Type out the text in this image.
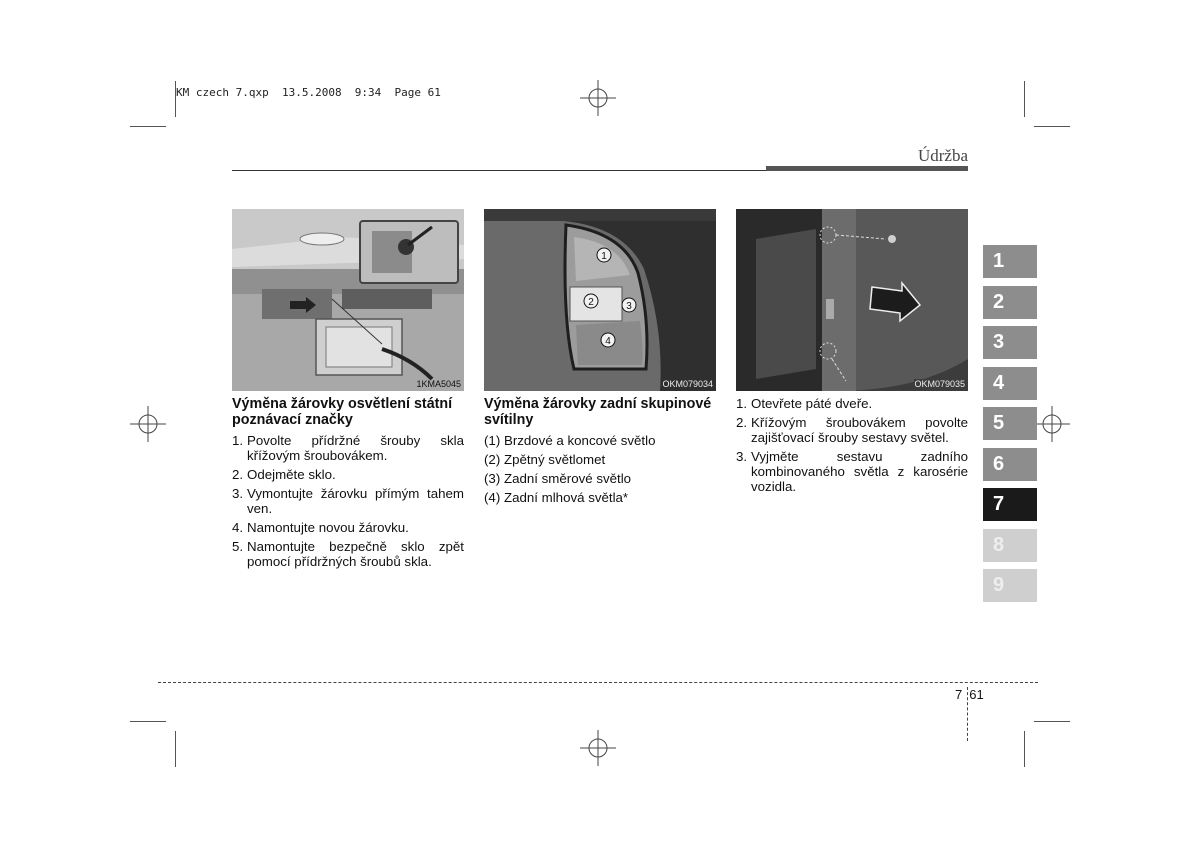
KM czech 7.qxp  13.5.2008  9:34  Page 61
Údržba
1KMA5045
1
2	3
4
OKM079034	OKM079035
Výměna žárovky osvětlení státní poznávací značky
1. Povolte přídržné šrouby skla křížovým šroubovákem.
2. Odejměte sklo.
3. Vymontujte žárovku přímým tahem ven.
4. Namontujte novou žárovku.
5. Namontujte bezpečně sklo zpět pomocí přídržných šroubů skla.
Výměna žárovky zadní skupinové svítilny
(1) Brzdové a koncové světlo
(2) Zpětný světlomet
(3) Zadní směrové světlo
(4) Zadní mlhová světla*
1. Otevřete páté dveře.
2. Křížovým šroubovákem povolte zajišťovací šrouby sestavy světel.
3. Vyjměte sestavu zadního kombinovaného světla z karosérie vozidla.
1
2
3
4
5
6
7
8
9
7 61
